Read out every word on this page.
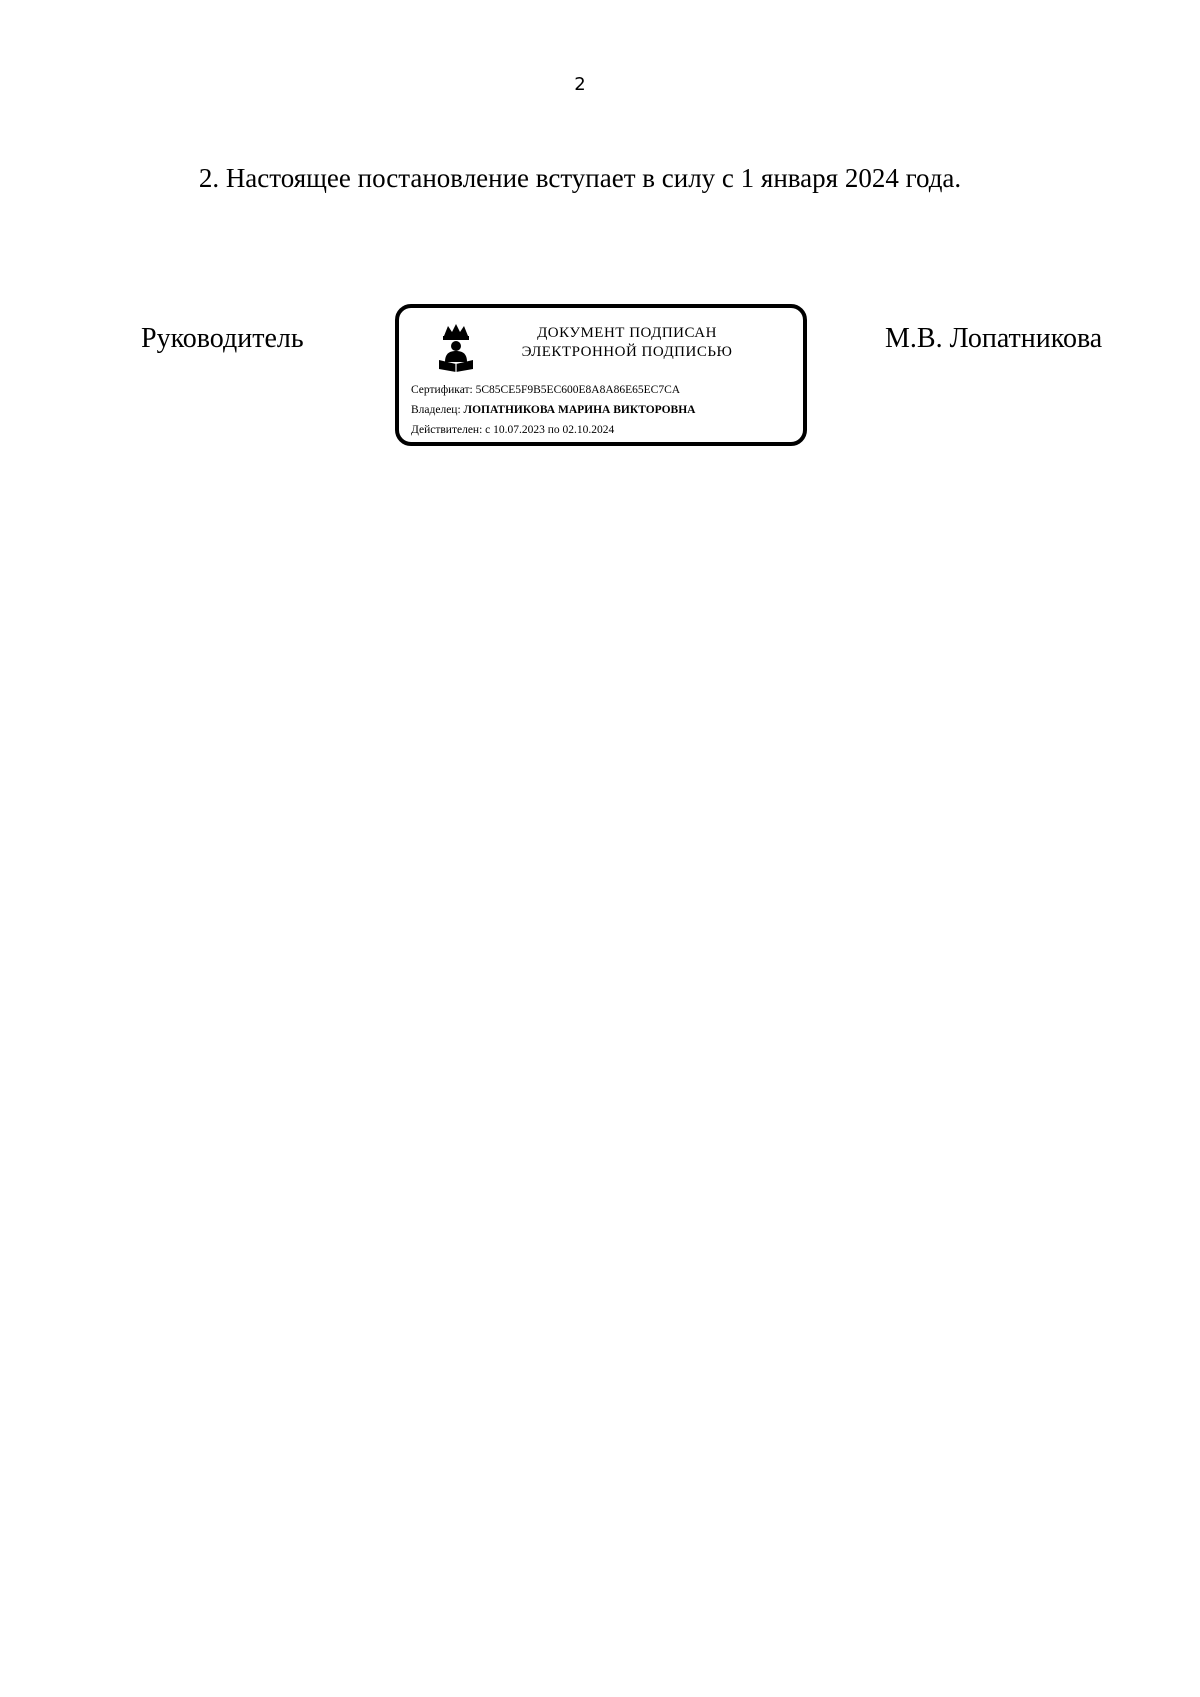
2
2. Настоящее постановление вступает в силу с 1 января 2024 года.
Руководитель	ДОКУМЕНТ ПОДПИСАН
ЭЛЕКТРОННОЙ ПОДПИСЬЮ
Сертификат: 5C85CE5F9B5EC600E8A8A86E65EC7CA
Владелец: ЛОПАТНИКОВА МАРИНА ВИКТОРОВНА
Действителен: с 10.07.2023 по 02.10.2024
М.В. Лопатникова
